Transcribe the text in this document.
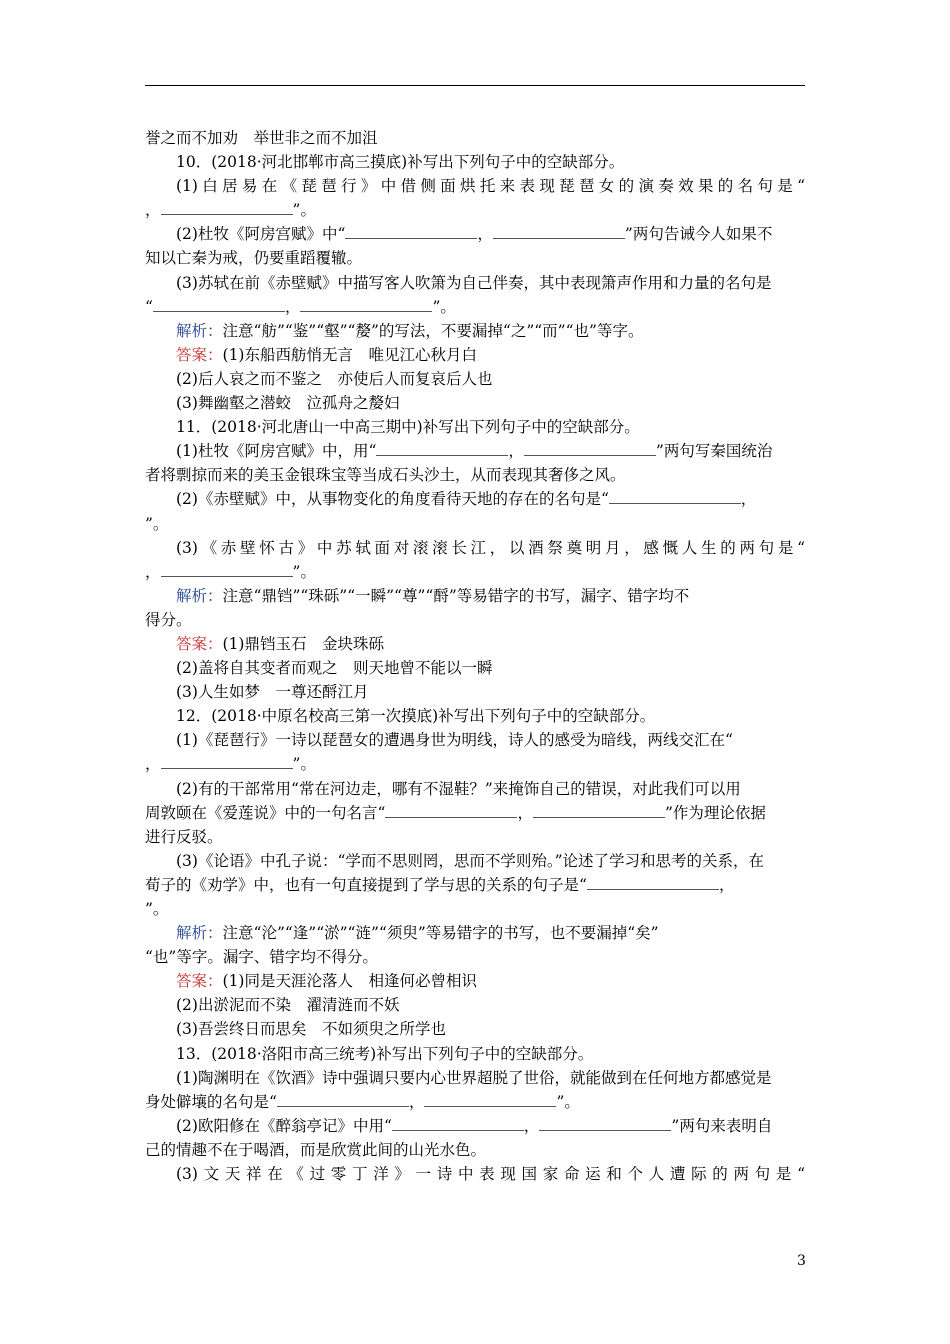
誉之而不加劝　举世非之而不加沮
10．(2018·河北邯郸市高三摸底)补写出下列句子中的空缺部分。
(1)白居易在《琵琶行》中借侧面烘托来表现琵琶女的演奏效果的名句是“
，	”。
(2)杜牧《阿房宫赋》中“	，	”两句告诫今人如果不
知以亡秦为戒，仍要重蹈覆辙。
(3)苏轼在前《赤壁赋》中描写客人吹箫为自己伴奏，其中表现箫声作用和力量的名句是
“	，	”。
解析：注意“舫”“鉴”“壑”“嫠”的写法，不要漏掉“之”“而”“也”等字。
答案：(1)东船西舫悄无言　唯见江心秋月白
(2)后人哀之而不鉴之　亦使后人而复哀后人也
(3)舞幽壑之潜蛟　泣孤舟之嫠妇
11．(2018·河北唐山一中高三期中)补写出下列句子中的空缺部分。
(1)杜牧《阿房宫赋》中，用“	，	”两句写秦国统治
者将剽掠而来的美玉金银珠宝等当成石头沙土，从而表现其奢侈之风。
(2)《赤壁赋》中，从事物变化的角度看待天地的存在的名句是“	，
”。
(3)《赤壁怀古》中苏轼面对滚滚长江，以酒祭奠明月，感慨人生的两句是“
，	”。
解析：注意“鼎铛”“珠砾”“一瞬”“尊”“酹”等易错字的书写，漏字、错字均不
得分。
答案：(1)鼎铛玉石　金块珠砾
(2)盖将自其变者而观之　则天地曾不能以一瞬
(3)人生如梦　一尊还酹江月
12．(2018·中原名校高三第一次摸底)补写出下列句子中的空缺部分。
(1)《琵琶行》一诗以琵琶女的遭遇身世为明线，诗人的感受为暗线，两线交汇在“
，	”。
(2)有的干部常用“常在河边走，哪有不湿鞋？”来掩饰自己的错误，对此我们可以用
周敦颐在《爱莲说》中的一句名言“	，	”作为理论依据
进行反驳。
(3)《论语》中孔子说：“学而不思则罔，思而不学则殆。”论述了学习和思考的关系，在
荀子的《劝学》中，也有一句直接提到了学与思的关系的句子是“	，
”。
解析：注意“沦”“逢”“淤”“涟”“须臾”等易错字的书写，也不要漏掉“矣”
“也”等字。漏字、错字均不得分。
答案：(1)同是天涯沦落人　相逢何必曾相识
(2)出淤泥而不染　濯清涟而不妖
(3)吾尝终日而思矣　不如须臾之所学也
13．(2018·洛阳市高三统考)补写出下列句子中的空缺部分。
(1)陶渊明在《饮酒》诗中强调只要内心世界超脱了世俗，就能做到在任何地方都感觉是
身处僻壤的名句是“	，	”。
(2)欧阳修在《醉翁亭记》中用“	，	”两句来表明自
己的情趣不在于喝酒，而是欣赏此间的山光水色。
(3)文天祥在《过零丁洋》一诗中表现国家命运和个人遭际的两句是“
3
